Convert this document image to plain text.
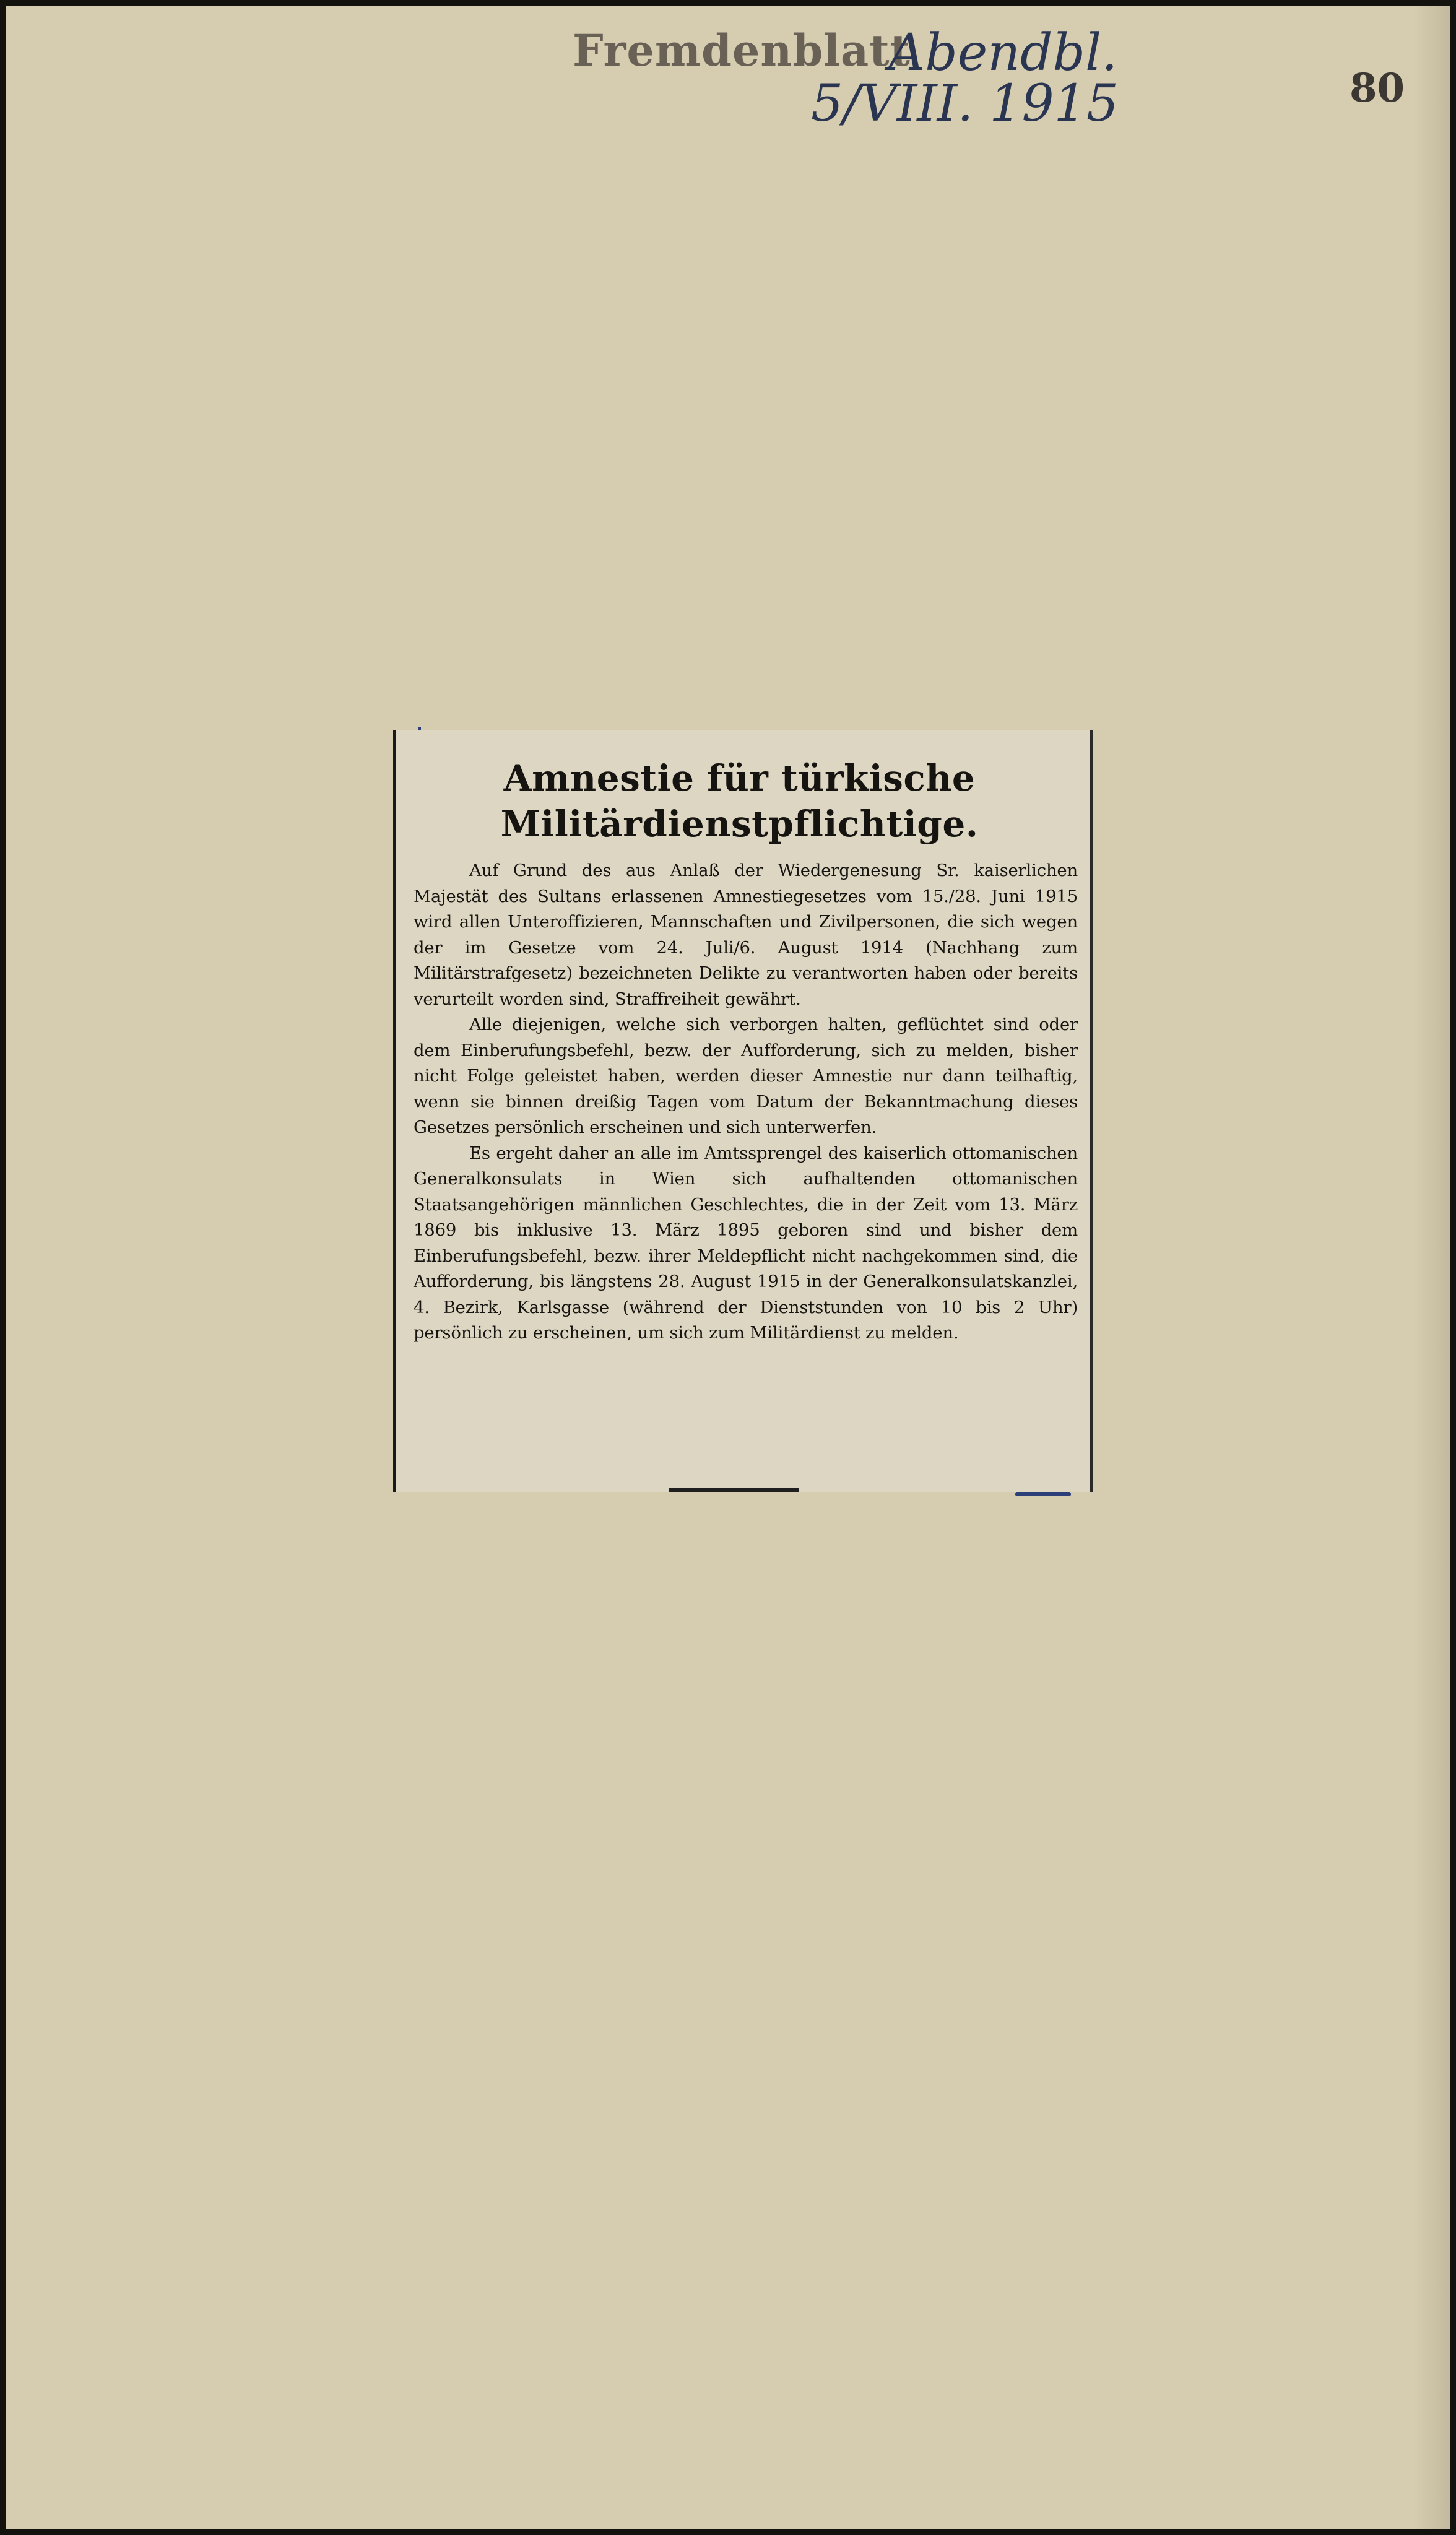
Fremdenblatt
Abendbl.
5/VIII. 1915	80
Amnestie für türkische Militärdienstpflichtige.

Auf Grund des aus Anlaß der Wiedergenesung Sr. kaiserlichen Majestät des Sultans erlassenen Amnestiegesetzes vom 15./28. Juni 1915 wird allen Unteroffizieren, Mannschaften und Zivilpersonen, die sich wegen der im Gesetze vom 24. Juli/6. August 1914 (Nachhang zum Militärstrafgesetz) bezeichneten Delikte zu verantworten haben oder bereits verurteilt worden sind, Straffreiheit gewährt.

Alle diejenigen, welche sich verborgen halten, geflüchtet sind oder dem Einberufungsbefehl, bezw. der Aufforderung, sich zu melden, bisher nicht Folge geleistet haben, werden dieser Amnestie nur dann teilhaftig, wenn sie binnen dreißig Tagen vom Datum der Bekanntmachung dieses Gesetzes persönlich erscheinen und sich unterwerfen.

Es ergeht daher an alle im Amtssprengel des kaiserlich ottomanischen Generalkonsulats in Wien sich aufhaltenden ottomanischen Staatsangehörigen männlichen Geschlechtes, die in der Zeit vom 13. März 1869 bis inklusive 13. März 1895 geboren sind und bisher dem Einberufungsbefehl, bezw. ihrer Meldepflicht nicht nachgekommen sind, die Aufforderung, bis längstens 28. August 1915 in der Generalkonsulatskanzlei, 4. Bezirk, Karlsgasse (während der Dienststunden von 10 bis 2 Uhr) persönlich zu erscheinen, um sich zum Militärdienst zu melden.
